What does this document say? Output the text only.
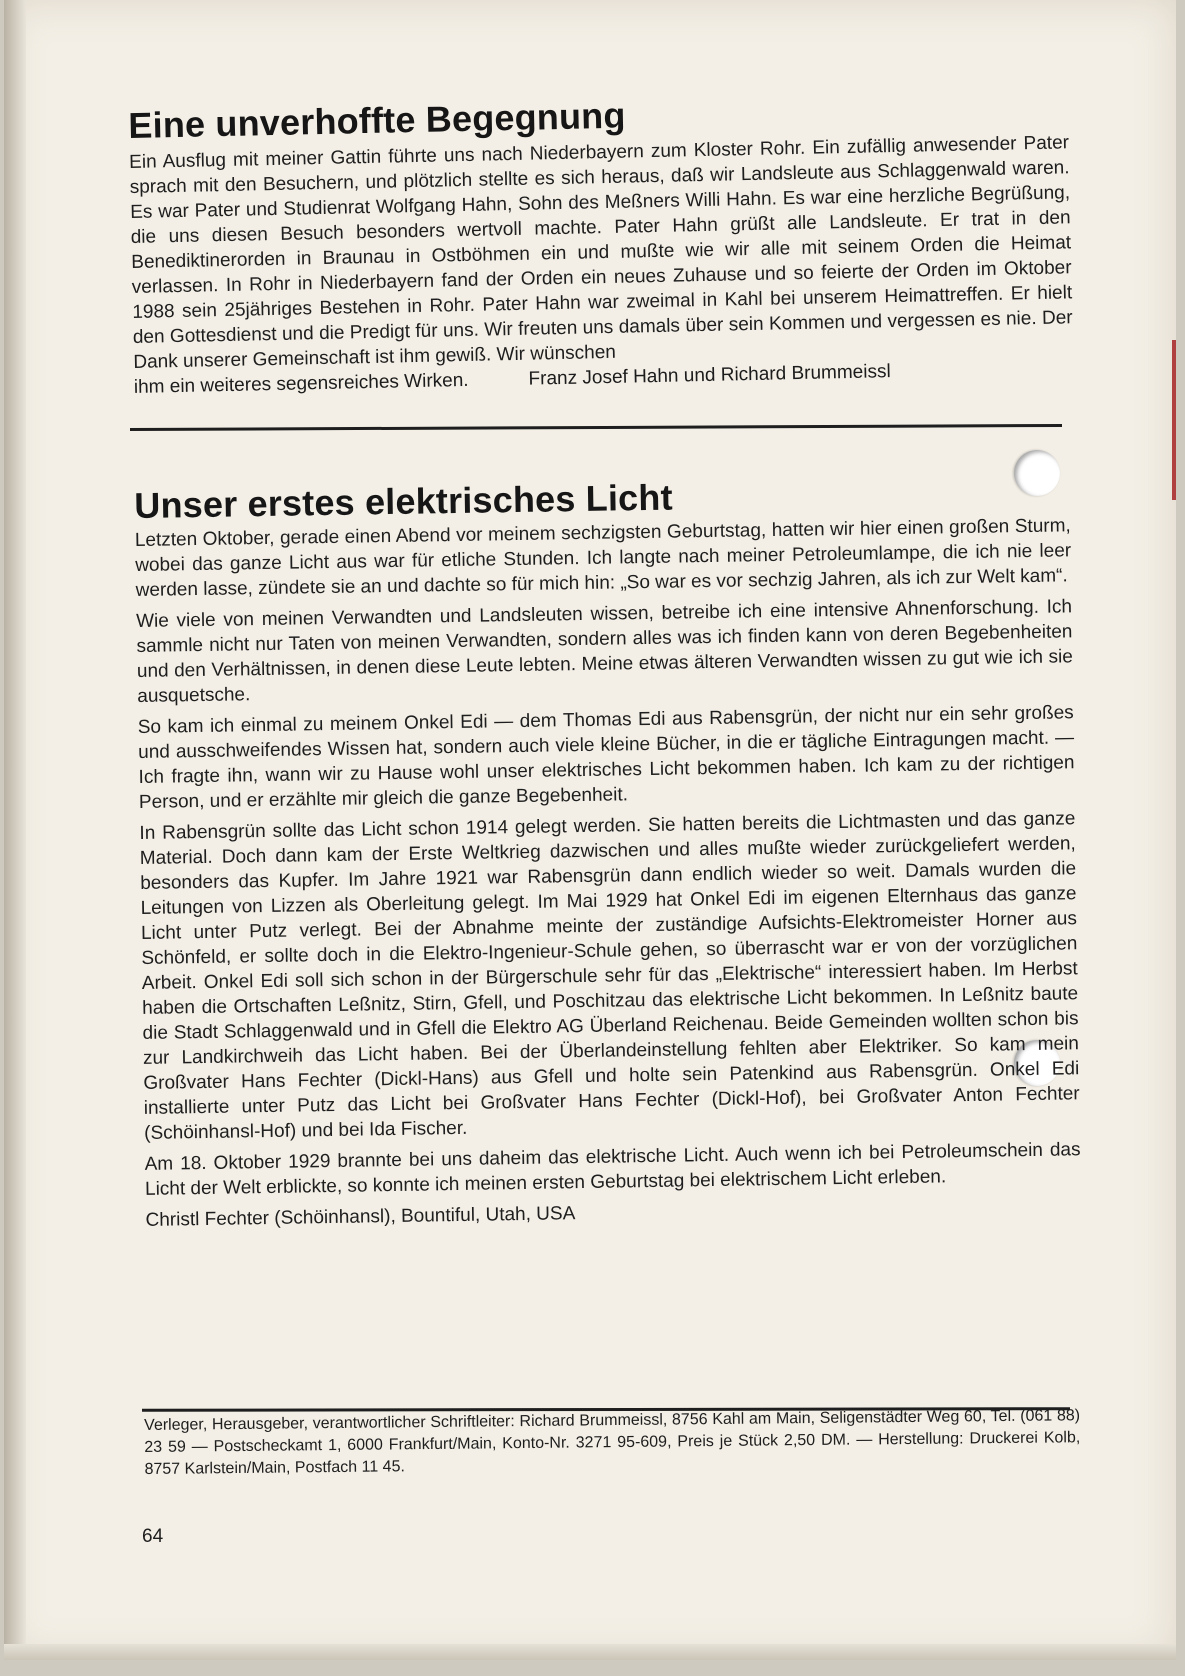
Eine unverhoffte Begegnung

Ein Ausflug mit meiner Gattin führte uns nach Niederbayern zum Kloster Rohr. Ein zufällig anwesender Pater sprach mit den Besuchern, und plötzlich stellte es sich heraus, daß wir Landsleute aus Schlaggenwald waren. Es war Pater und Studienrat Wolfgang Hahn, Sohn des Meßners Willi Hahn. Es war eine herzliche Begrüßung, die uns diesen Besuch besonders wertvoll machte. Pater Hahn grüßt alle Landsleute. Er trat in den Benediktinerorden in Braunau in Ostböhmen ein und mußte wie wir alle mit seinem Orden die Heimat verlassen. In Rohr in Niederbayern fand der Orden ein neues Zuhause und so feierte der Orden im Oktober 1988 sein 25jähriges Bestehen in Rohr. Pater Hahn war zweimal in Kahl bei unserem Heimattreffen. Er hielt den Gottesdienst und die Predigt für uns. Wir freuten uns damals über sein Kommen und vergessen es nie. Der Dank unserer Gemeinschaft ist ihm gewiß. Wir wünschen

ihm ein weiteres segensreiches Wirken.	Franz Josef Hahn und Richard Brummeissl
Unser erstes elektrisches Licht

Letzten Oktober, gerade einen Abend vor meinem sechzigsten Geburtstag, hatten wir hier einen großen Sturm, wobei das ganze Licht aus war für etliche Stunden. Ich langte nach meiner Petroleumlampe, die ich nie leer werden lasse, zündete sie an und dachte so für mich hin: „So war es vor sechzig Jahren, als ich zur Welt kam“.

Wie viele von meinen Verwandten und Landsleuten wissen, betreibe ich eine intensive Ahnenforschung. Ich sammle nicht nur Taten von meinen Verwandten, sondern alles was ich finden kann von deren Begebenheiten und den Verhältnissen, in denen diese Leute lebten. Meine etwas älteren Verwandten wissen zu gut wie ich sie ausquetsche.

So kam ich einmal zu meinem Onkel Edi — dem Thomas Edi aus Rabensgrün, der nicht nur ein sehr großes und ausschweifendes Wissen hat, sondern auch viele kleine Bücher, in die er tägliche Eintragungen macht. — Ich fragte ihn, wann wir zu Hause wohl unser elektrisches Licht bekommen haben. Ich kam zu der richtigen Person, und er erzählte mir gleich die ganze Begebenheit.

In Rabensgrün sollte das Licht schon 1914 gelegt werden. Sie hatten bereits die Lichtmasten und das ganze Material. Doch dann kam der Erste Weltkrieg dazwischen und alles mußte wieder zurückgeliefert werden, besonders das Kupfer. Im Jahre 1921 war Rabensgrün dann endlich wieder so weit. Damals wurden die Leitungen von Lizzen als Oberleitung gelegt. Im Mai 1929 hat Onkel Edi im eigenen Elternhaus das ganze Licht unter Putz verlegt. Bei der Abnahme meinte der zuständige Aufsichts-Elektromeister Horner aus Schönfeld, er sollte doch in die Elektro-Ingenieur-Schule gehen, so überrascht war er von der vorzüglichen Arbeit. Onkel Edi soll sich schon in der Bürgerschule sehr für das „Elektrische“ interessiert haben. Im Herbst haben die Ortschaften Leßnitz, Stirn, Gfell, und Poschitzau das elektrische Licht bekommen. In Leßnitz baute die Stadt Schlaggenwald und in Gfell die Elektro AG Überland Reichenau. Beide Gemeinden wollten schon bis zur Landkirchweih das Licht haben. Bei der Überlandeinstellung fehlten aber Elektriker. So kam mein Großvater Hans Fechter (Dickl-Hans) aus Gfell und holte sein Patenkind aus Rabensgrün. Onkel Edi installierte unter Putz das Licht bei Großvater Hans Fechter (Dickl-Hof), bei Großvater Anton Fechter (Schöinhansl-Hof) und bei Ida Fischer.

Am 18. Oktober 1929 brannte bei uns daheim das elektrische Licht. Auch wenn ich bei Petroleumschein das Licht der Welt erblickte, so konnte ich meinen ersten Geburtstag bei elektrischem Licht erleben.

Christl Fechter (Schöinhansl), Bountiful, Utah, USA
Verleger, Herausgeber, verantwortlicher Schriftleiter: Richard Brummeissl, 8756 Kahl am Main, Seligenstädter Weg 60, Tel. (061 88) 23 59 — Postscheckamt 1, 6000 Frankfurt/Main, Konto-Nr. 3271 95-609, Preis je Stück 2,50 DM. — Herstellung: Druckerei Kolb, 8757 Karlstein/Main, Postfach 11 45.
64
